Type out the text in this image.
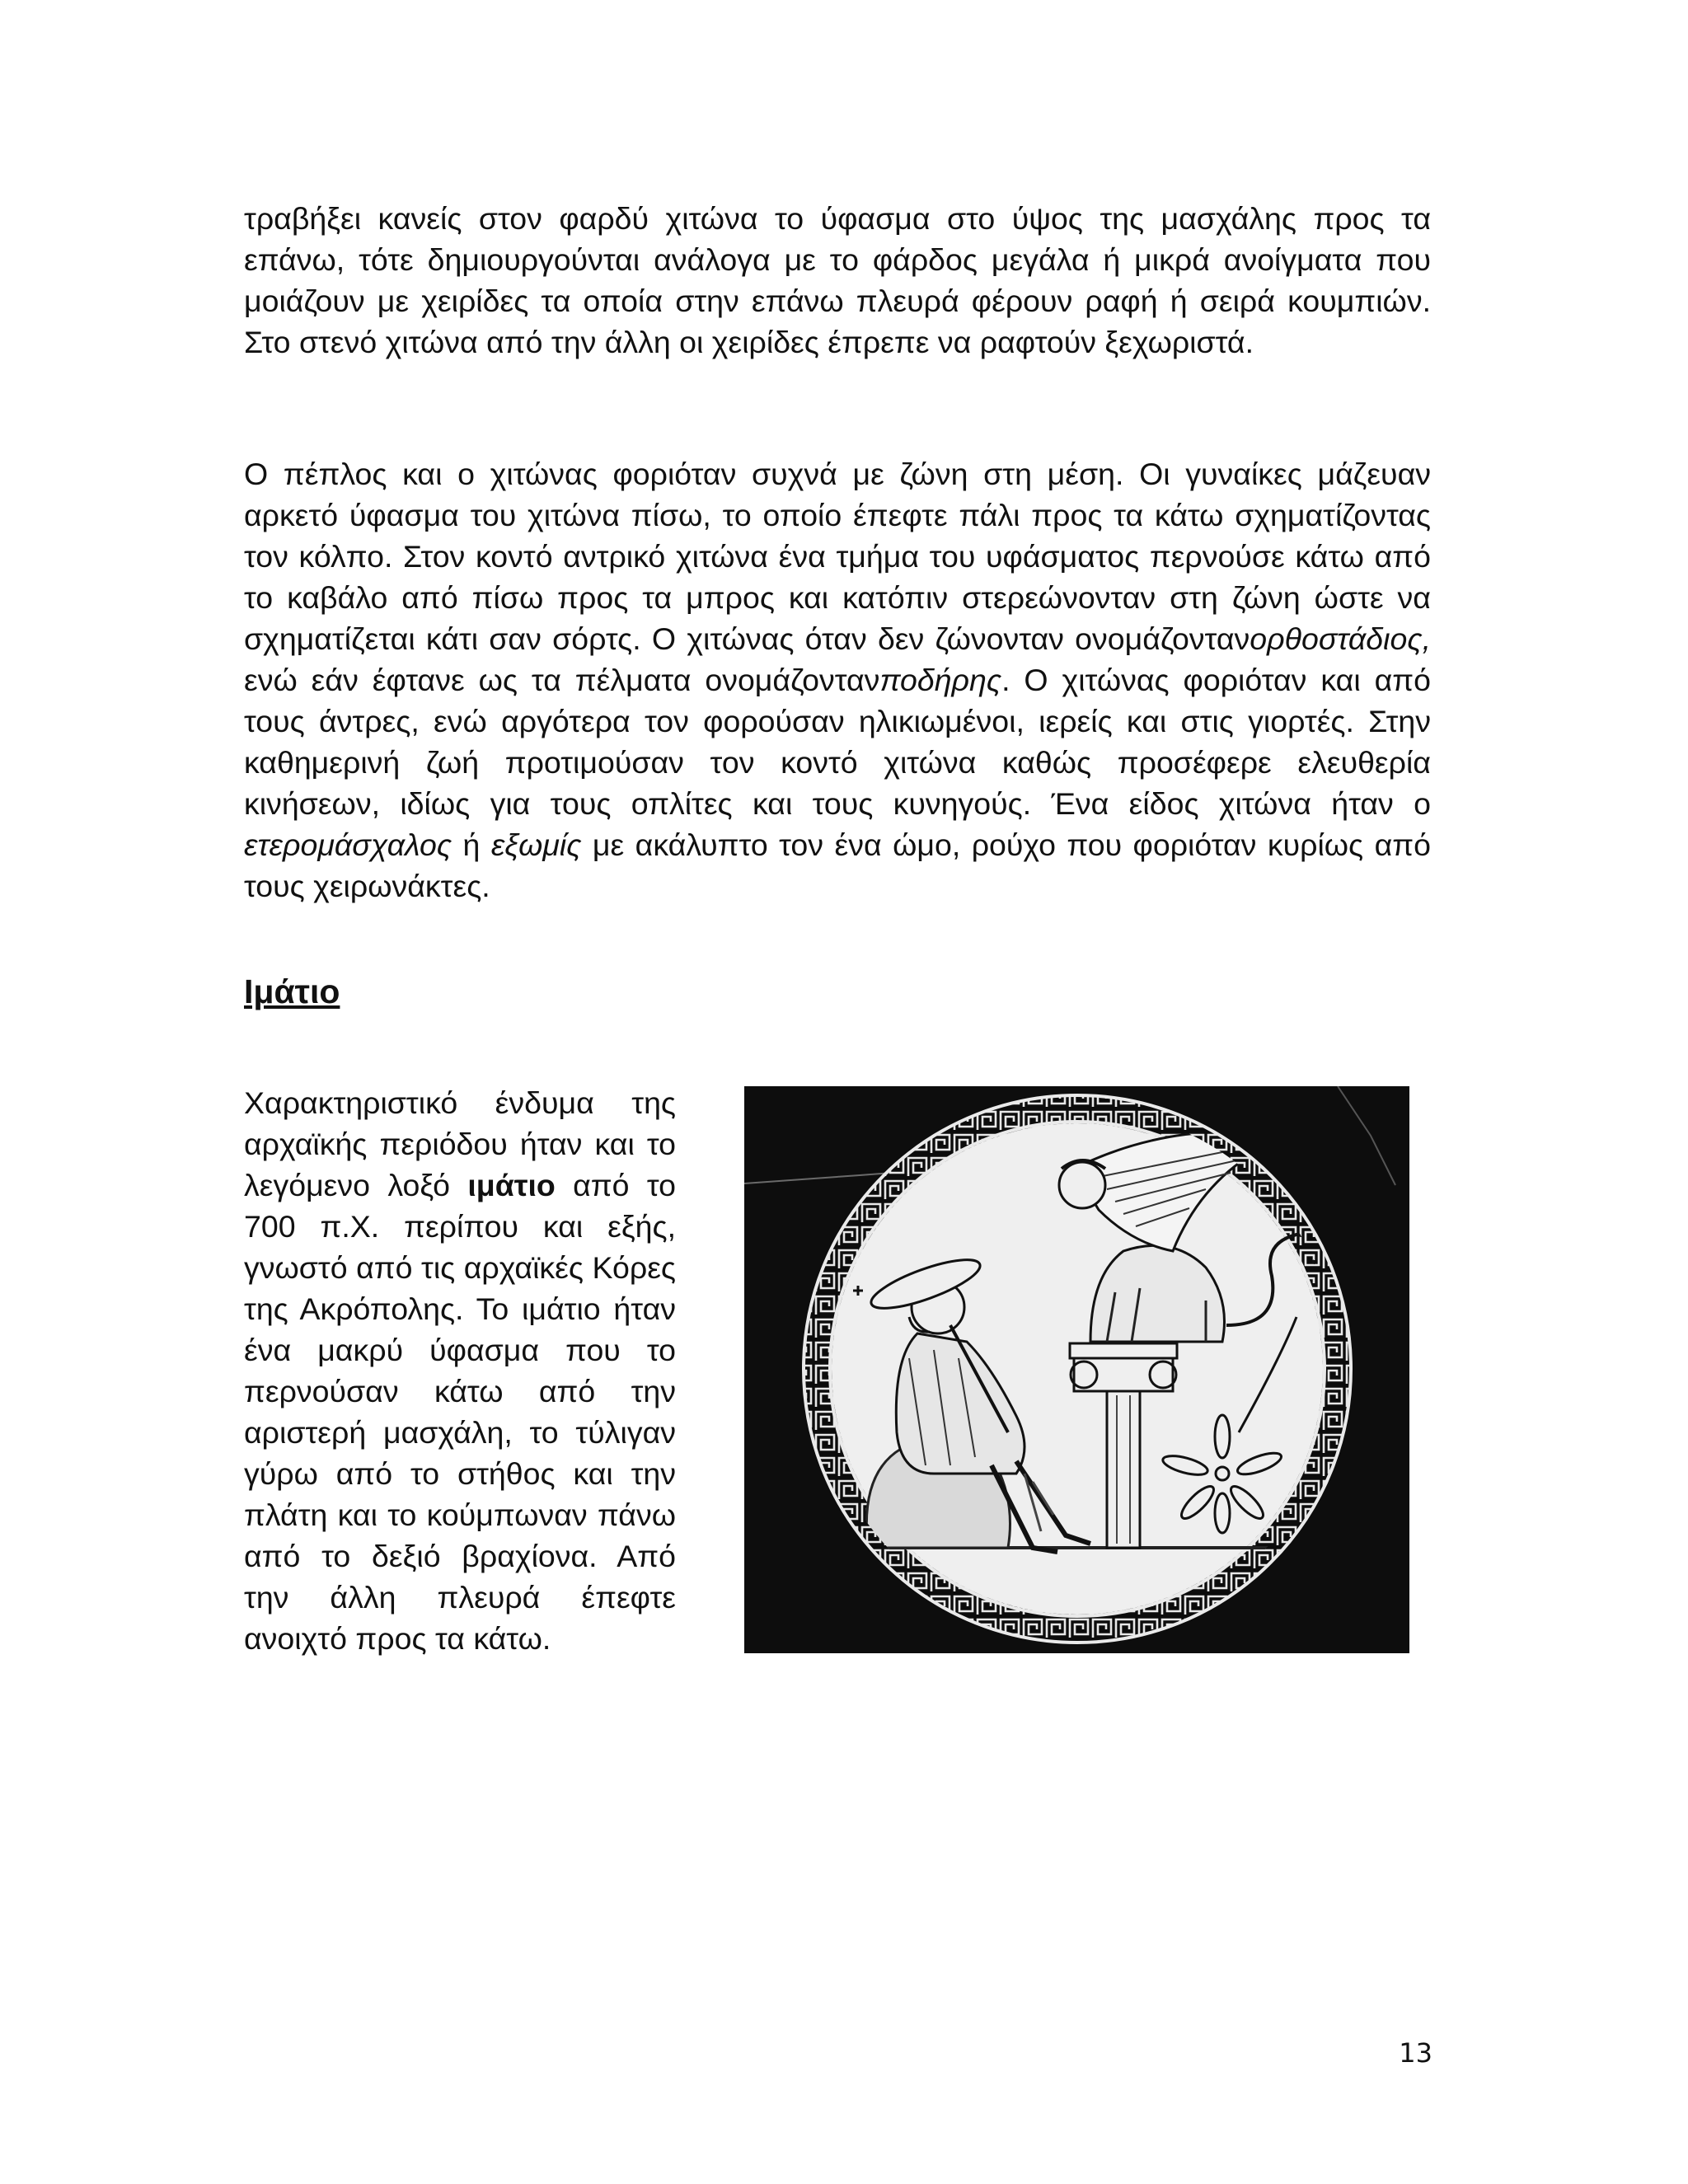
τραβήξει κανείς στον φαρδύ χιτώνα το ύφασμα στο ύψος της μασχάλης προς τα επάνω, τότε δημιουργούνται ανάλογα με το φάρδος μεγάλα ή μικρά ανοίγματα που μοιάζουν με χειρίδες τα οποία στην επάνω πλευρά φέρουν ραφή ή σειρά κουμπιών. Στο στενό χιτώνα από την άλλη οι χειρίδες έπρεπε να ραφτούν ξεχωριστά.

Ο πέπλος και ο χιτώνας φοριόταν συχνά με ζώνη στη μέση. Οι γυναίκες μάζευαν αρκετό ύφασμα του χιτώνα πίσω, το οποίο έπεφτε πάλι προς τα κάτω σχηματίζοντας τον κόλπο. Στον κοντό αντρικό χιτώνα ένα τμήμα του υφάσματος περνούσε κάτω από το καβάλο από πίσω προς τα μπρος και κατόπιν στερεώνονταν στη ζώνη ώστε να σχηματίζεται κάτι σαν σόρτς. Ο χιτώνας όταν δεν ζώνονταν ονομάζοντανορθοστάδιος, ενώ εάν έφτανε ως τα πέλματα ονομάζοντανποδήρης. Ο χιτώνας φοριόταν και από τους άντρες, ενώ αργότερα τον φορούσαν ηλικιωμένοι, ιερείς και στις γιορτές. Στην καθημερινή ζωή προτιμούσαν τον κοντό χιτώνα καθώς προσέφερε ελευθερία κινήσεων, ιδίως για τους οπλίτες και τους κυνηγούς. Ένα είδος χιτώνα ήταν ο ετερομάσχαλος ή εξωμίς με ακάλυπτο τον ένα ώμο, ρούχο που φοριόταν κυρίως από τους χειρωνάκτες.

Ιμάτιο

Χαρακτηριστικό ένδυμα της αρχαϊκής περιόδου ήταν και το λεγόμενο λοξό ιμάτιο από το 700 π.Χ. περίπου και εξής, γνωστό από τις αρχαϊκές Κόρες της Ακρόπολης. Το ιμάτιο ήταν ένα μακρύ ύφασμα που το περνούσαν κάτω από την αριστερή μασχάλη, το τύλιγαν γύρω από το στήθος και την πλάτη και το κούμπωναν πάνω από το δεξιό βραχίονα. Από την άλλη πλευρά έπεφτε ανοιχτό προς τα κάτω.

13
